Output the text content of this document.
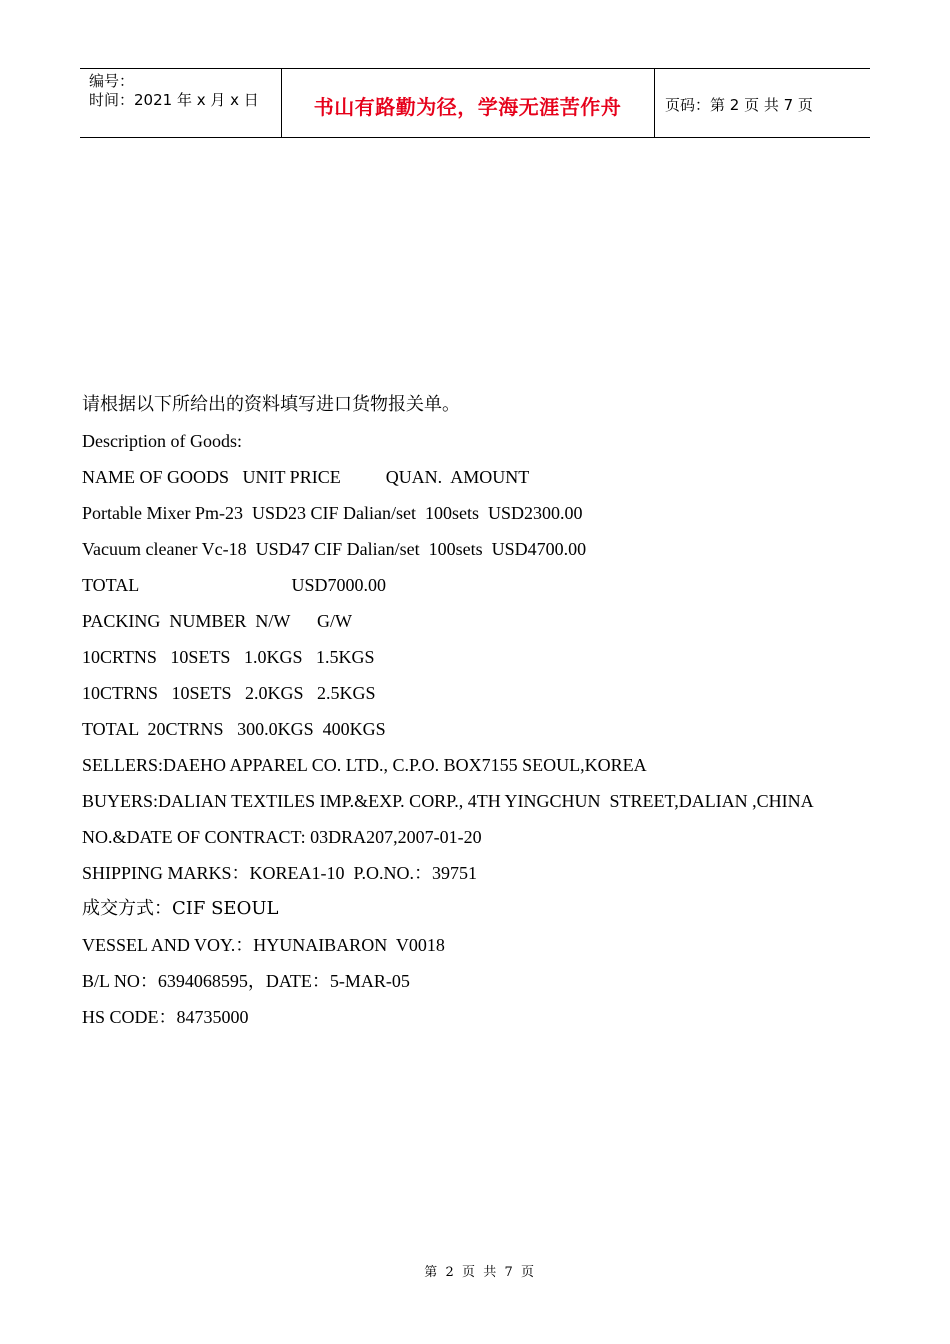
编号：
时间：2021 年 x 月 x 日	书山有路勤为径，学海无涯苦作舟	页码：第 2 页 共 7 页
请根据以下所给出的资料填写进口货物报关单。
Description of Goods:
NAME OF GOODS   UNIT PRICE          QUAN.  AMOUNT
Portable Mixer Pm-23  USD23 CIF Dalian/set  100sets  USD2300.00
Vacuum cleaner Vc-18  USD47 CIF Dalian/set  100sets  USD4700.00
TOTAL                                  USD7000.00
PACKING  NUMBER  N/W      G/W
10CRTNS   10SETS   1.0KGS   1.5KGS
10CTRNS   10SETS   2.0KGS   2.5KGS
TOTAL  20CTRNS   300.0KGS  400KGS
SELLERS:DAEHO APPAREL CO. LTD., C.P.O. BOX7155 SEOUL,KOREA
BUYERS:DALIAN TEXTILES IMP.&EXP. CORP., 4TH YINGCHUN  STREET,DALIAN ,CHINA
NO.&DATE OF CONTRACT: 03DRA207,2007-01-20
SHIPPING MARKS：KOREA1-10  P.O.NO.：39751
成交方式：CIF SEOUL
VESSEL AND VOY.：HYUNAIBARON  V0018
B/L NO：6394068595，DATE：5-MAR-05
HS CODE：84735000

第  2  页  共  7  页
